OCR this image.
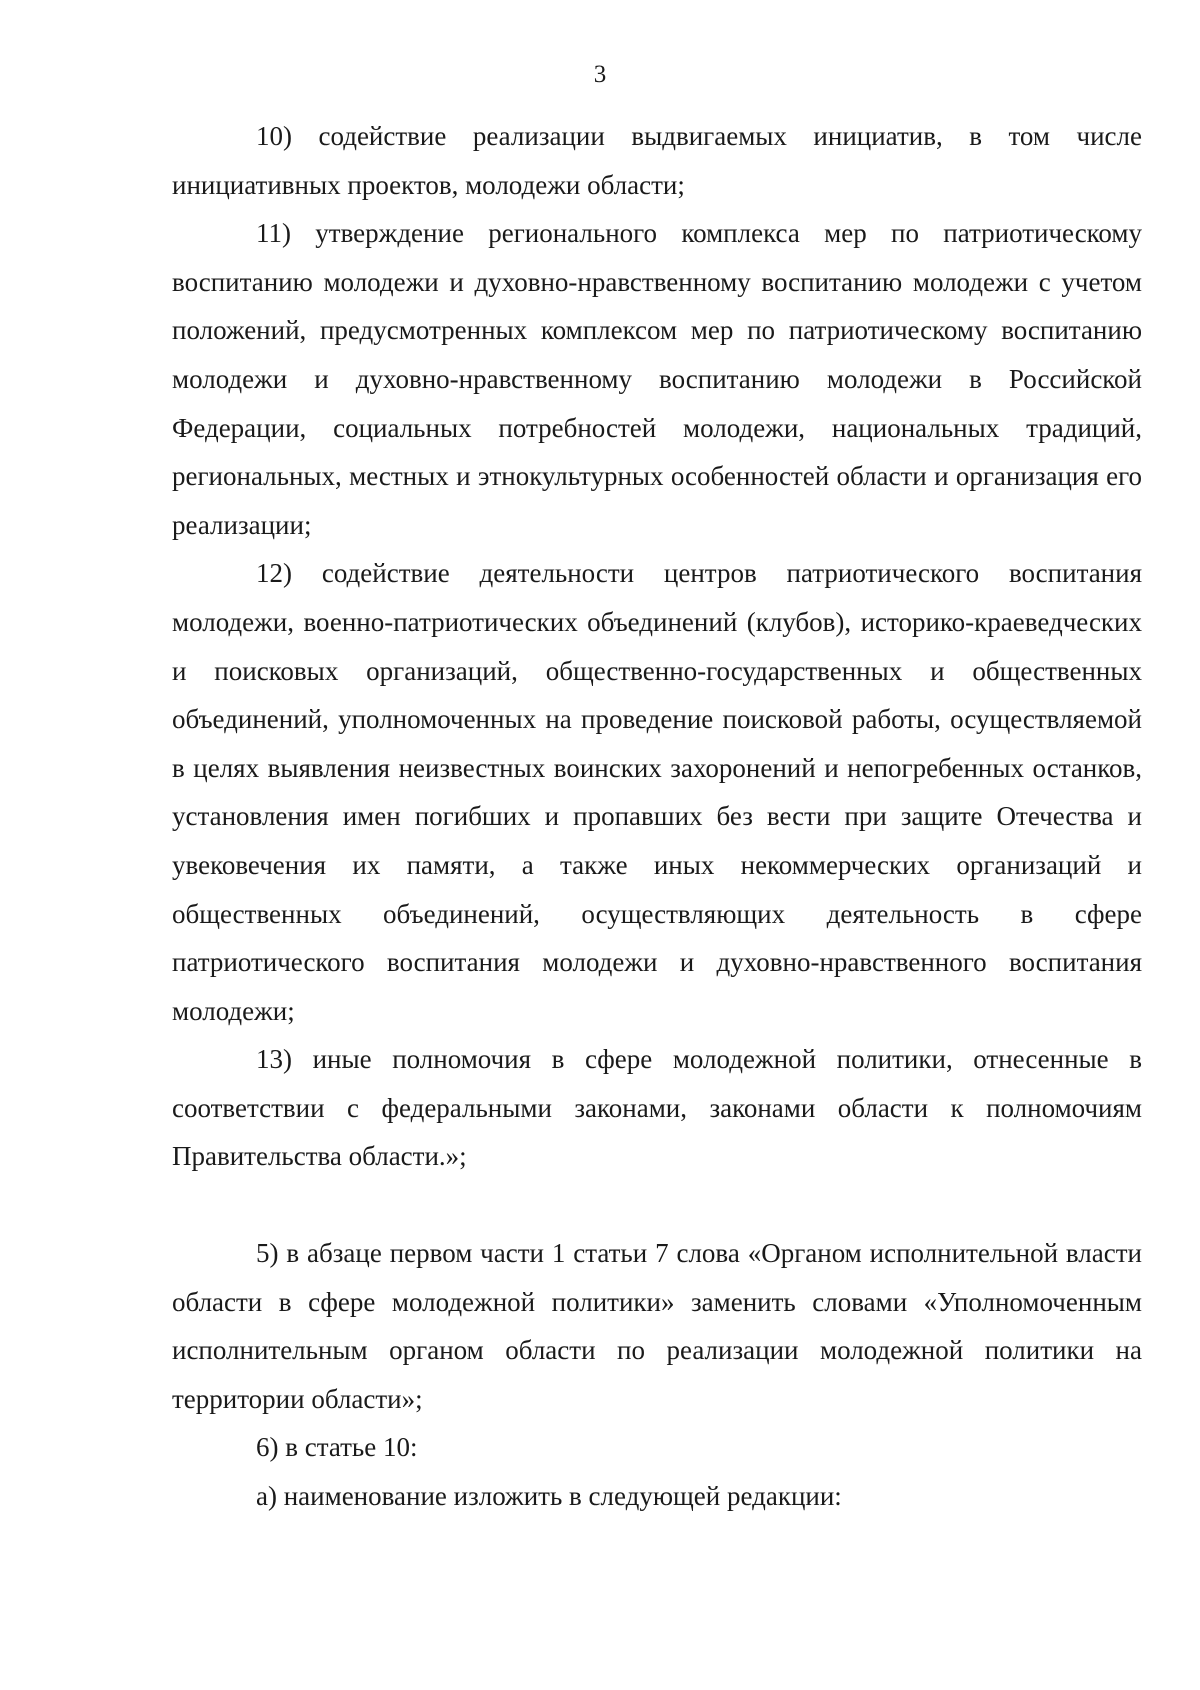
3

10) содействие реализации выдвигаемых инициатив, в том числе инициативных проектов, молодежи области;

11) утверждение регионального комплекса мер по патриотическому воспитанию молодежи и духовно-нравственному воспитанию молодежи с учетом положений, предусмотренных комплексом мер по патриотическому воспитанию молодежи и духовно-нравственному воспитанию молодежи в Российской Федерации, социальных потребностей молодежи, национальных традиций, региональных, местных и этнокультурных особенностей области и организация его реализации;

12) содействие деятельности центров патриотического воспитания молодежи, военно-патриотических объединений (клубов), историко-краеведческих и поисковых организаций, общественно-государственных и общественных объединений, уполномоченных на проведение поисковой работы, осуществляемой в целях выявления неизвестных воинских захоронений и непогребенных останков, установления имен погибших и пропавших без вести при защите Отечества и увековечения их памяти, а также иных некоммерческих организаций и общественных объединений, осуществляющих деятельность в сфере патриотического воспитания молодежи и духовно-нравственного воспитания молодежи;

13) иные полномочия в сфере молодежной политики, отнесенные в соответствии с федеральными законами, законами области к полномочиям Правительства области.»;

5) в абзаце первом части 1 статьи 7 слова «Органом исполнительной власти области в сфере молодежной политики» заменить словами «Уполномоченным исполнительным органом области по реализации молодежной политики на территории области»;

6) в статье 10:

а) наименование изложить в следующей редакции:
